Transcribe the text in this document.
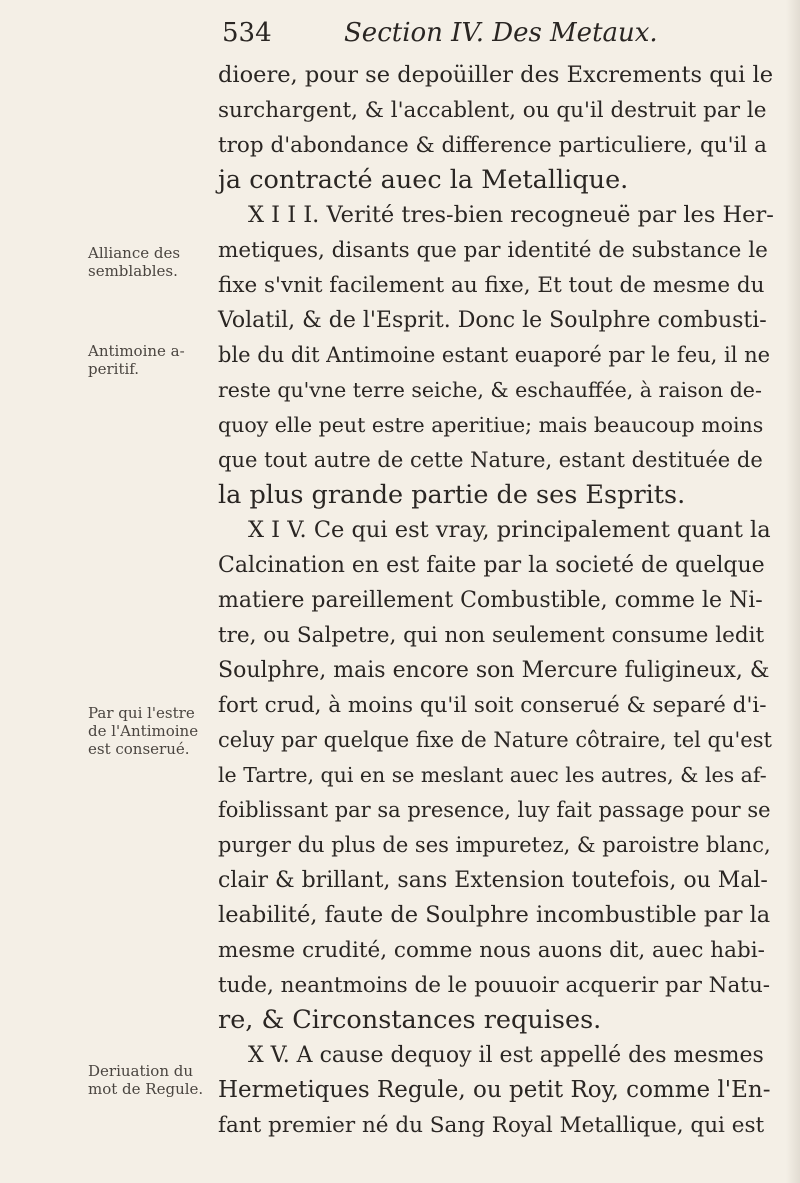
534	Section IV. Des Metaux.
dioere, pour se depoüiller des Excrements qui le
surchargent, & l'accablent, ou qu'il destruit par le
trop d'abondance & difference particuliere, qu'il a
ja contracté auec la Metallique.
X I I I. Verité tres-bien recogneuë par les Her-
metiques, disants que par identité de substance le
fixe s'vnit facilement au fixe, Et tout de mesme du
Volatil, & de l'Esprit. Donc le Soulphre combusti-
ble du dit Antimoine estant euaporé par le feu, il ne
reste qu'vne terre seiche, & eschauffée, à raison de-
quoy elle peut estre aperitiue; mais beaucoup moins
que tout autre de cette Nature, estant destituée de
la plus grande partie de ses Esprits.
X I V. Ce qui est vray, principalement quant la
Calcination en est faite par la societé de quelque
matiere pareillement Combustible, comme le Ni-
tre, ou Salpetre, qui non seulement consume ledit
Soulphre, mais encore son Mercure fuligineux, &
fort crud, à moins qu'il soit conserué & separé d'i-
celuy par quelque fixe de Nature côtraire, tel qu'est
le Tartre, qui en se meslant auec les autres, & les af-
foiblissant par sa presence, luy fait passage pour se
purger du plus de ses impuretez, & paroistre blanc,
clair & brillant, sans Extension toutefois, ou Mal-
leabilité, faute de Soulphre incombustible par la
mesme crudité, comme nous auons dit, auec habi-
tude, neantmoins de le pouuoir acquerir par Natu-
re, & Circonstances requises.
X V. A cause dequoy il est appellé des mesmes
Hermetiques Regule, ou petit Roy, comme l'En-
fant premier né du Sang Royal Metallique, qui est
Alliance des
semblables.
Antimoine a-
peritif.
Par qui l'estre
de l'Antimoine
est conserué.
Deriuation du
mot de Regule.
